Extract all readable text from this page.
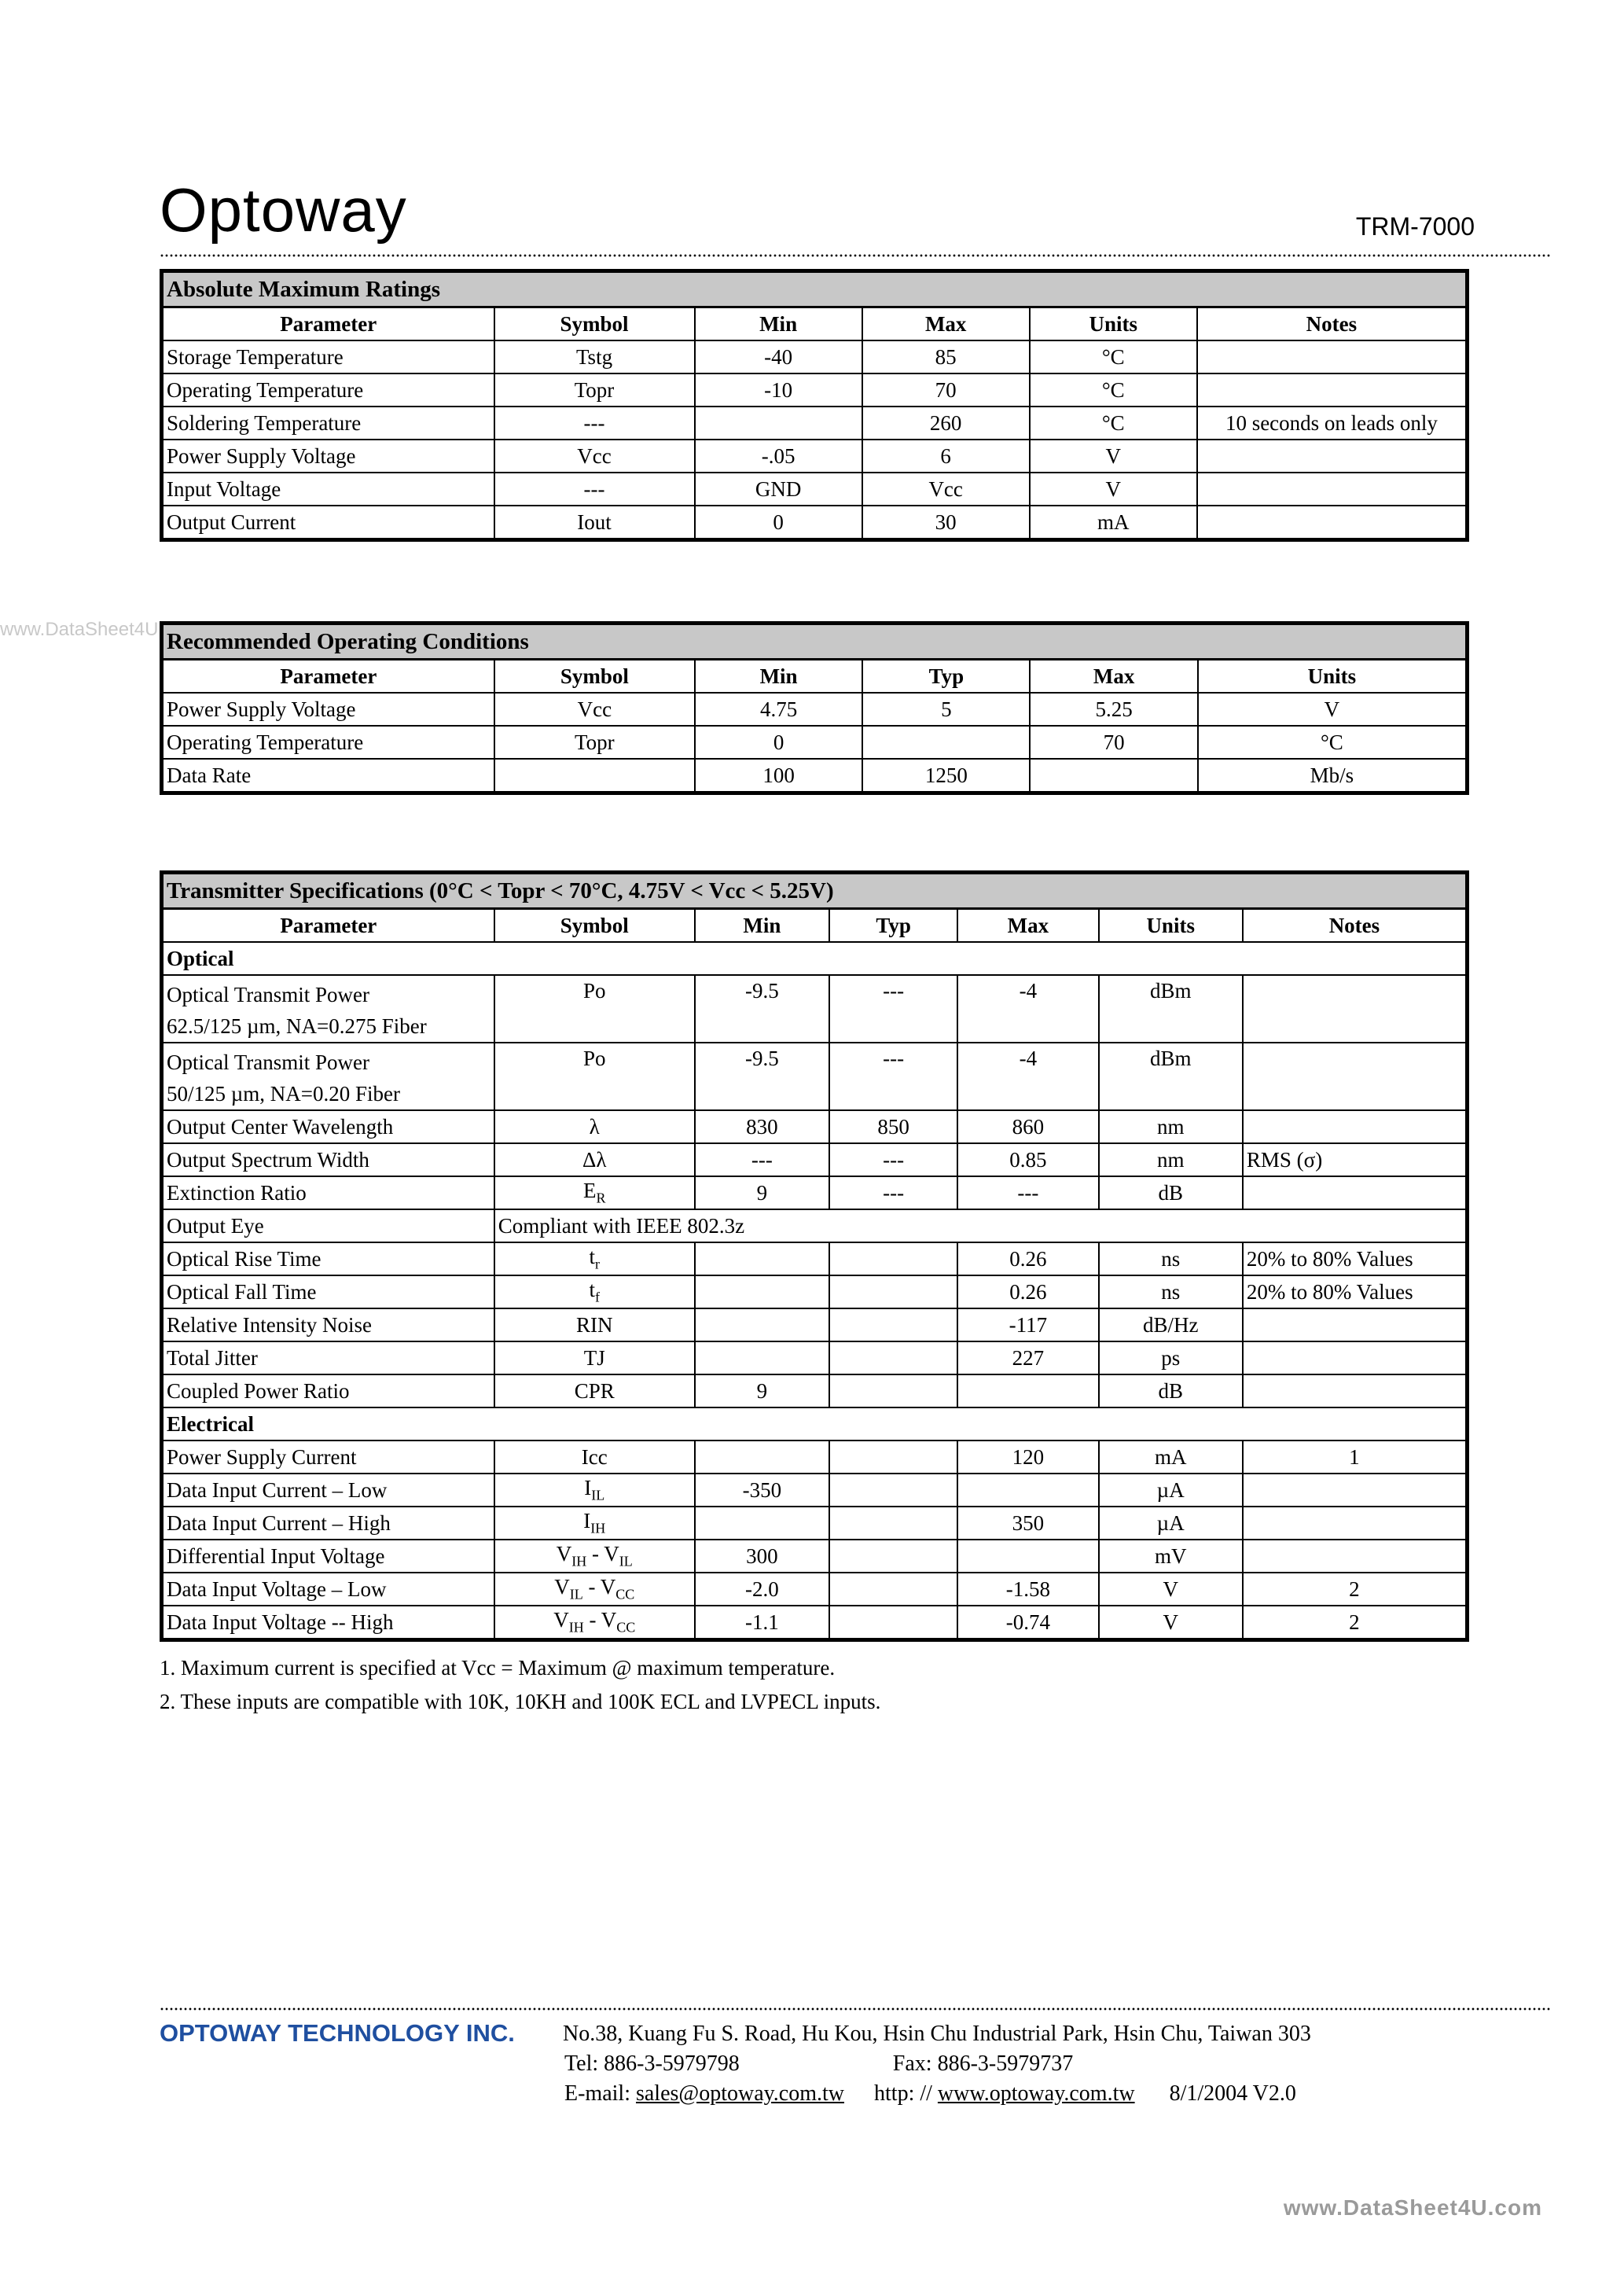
Optoway	TRM-7000
www.DataSheet4U
Absolute Maximum Ratings					
Parameter	Symbol	Min	Max	Units	Notes
Storage Temperature	Tstg	-40	85	°C	
Operating Temperature	Topr	-10	70	°C	
Soldering Temperature	---		260	°C	10 seconds on leads only
Power Supply Voltage	Vcc	-.05	6	V	
Input Voltage	---	GND	Vcc	V	
Output Current	Iout	0	30	mA	
Recommended Operating Conditions					
Parameter	Symbol	Min	Typ	Max	Units
Power Supply Voltage	Vcc	4.75	5	5.25	V
Operating Temperature	Topr	0		70	°C
Data Rate		100	1250		Mb/s
Transmitter Specifications (0°C < Topr < 70°C, 4.75V < Vcc < 5.25V)						
Parameter	Symbol	Min	Typ	Max	Units	Notes
Optical						
Optical Transmit Power
62.5/125 µm, NA=0.275 Fiber	Po	-9.5	---	-4	dBm	
Optical Transmit Power
50/125 µm, NA=0.20 Fiber	Po	-9.5	---	-4	dBm	
Output Center Wavelength	λ	830	850	860	nm	
Output Spectrum Width	Δλ	---	---	0.85	nm	RMS (σ)
Extinction Ratio	$E_R$	9	---	---	dB	
Output Eye	Compliant with IEEE 802.3z					
Optical Rise Time	$t_r$			0.26	ns	20% to 80% Values
Optical Fall Time	$t_f$			0.26	ns	20% to 80% Values
Relative Intensity Noise	RIN			-117	dB/Hz	
Total Jitter	TJ			227	ps	
Coupled Power Ratio	CPR	9			dB	
Electrical						
Power Supply Current	Icc			120	mA	1
Data Input Current – Low	$I_{IL}$	-350			µA	
Data Input Current – High	$I_{IH}$			350	µA	
Differential Input Voltage	$V_{IH} - V_{IL}$	300			mV	
Data Input Voltage – Low	$V_{IL} - V_{CC}$	-2.0		-1.58	V	2
Data Input Voltage -- High	$V_{IH} - V_{CC}$	-1.1		-0.74	V	2
1. Maximum current is specified at Vcc = Maximum @ maximum temperature.
2. These inputs are compatible with 10K, 10KH and 100K ECL and LVPECL inputs.
OPTOWAY TECHNOLOGY INC. No.38, Kuang Fu S. Road, Hu Kou, Hsin Chu Industrial Park, Hsin Chu, Taiwan 303
Tel: 886-3-5979798	Fax: 886-3-5979737
E-mail: sales@optoway.com.tw http: // www.optoway.com.tw 8/1/2004 V2.0
www.DataSheet4U.com
